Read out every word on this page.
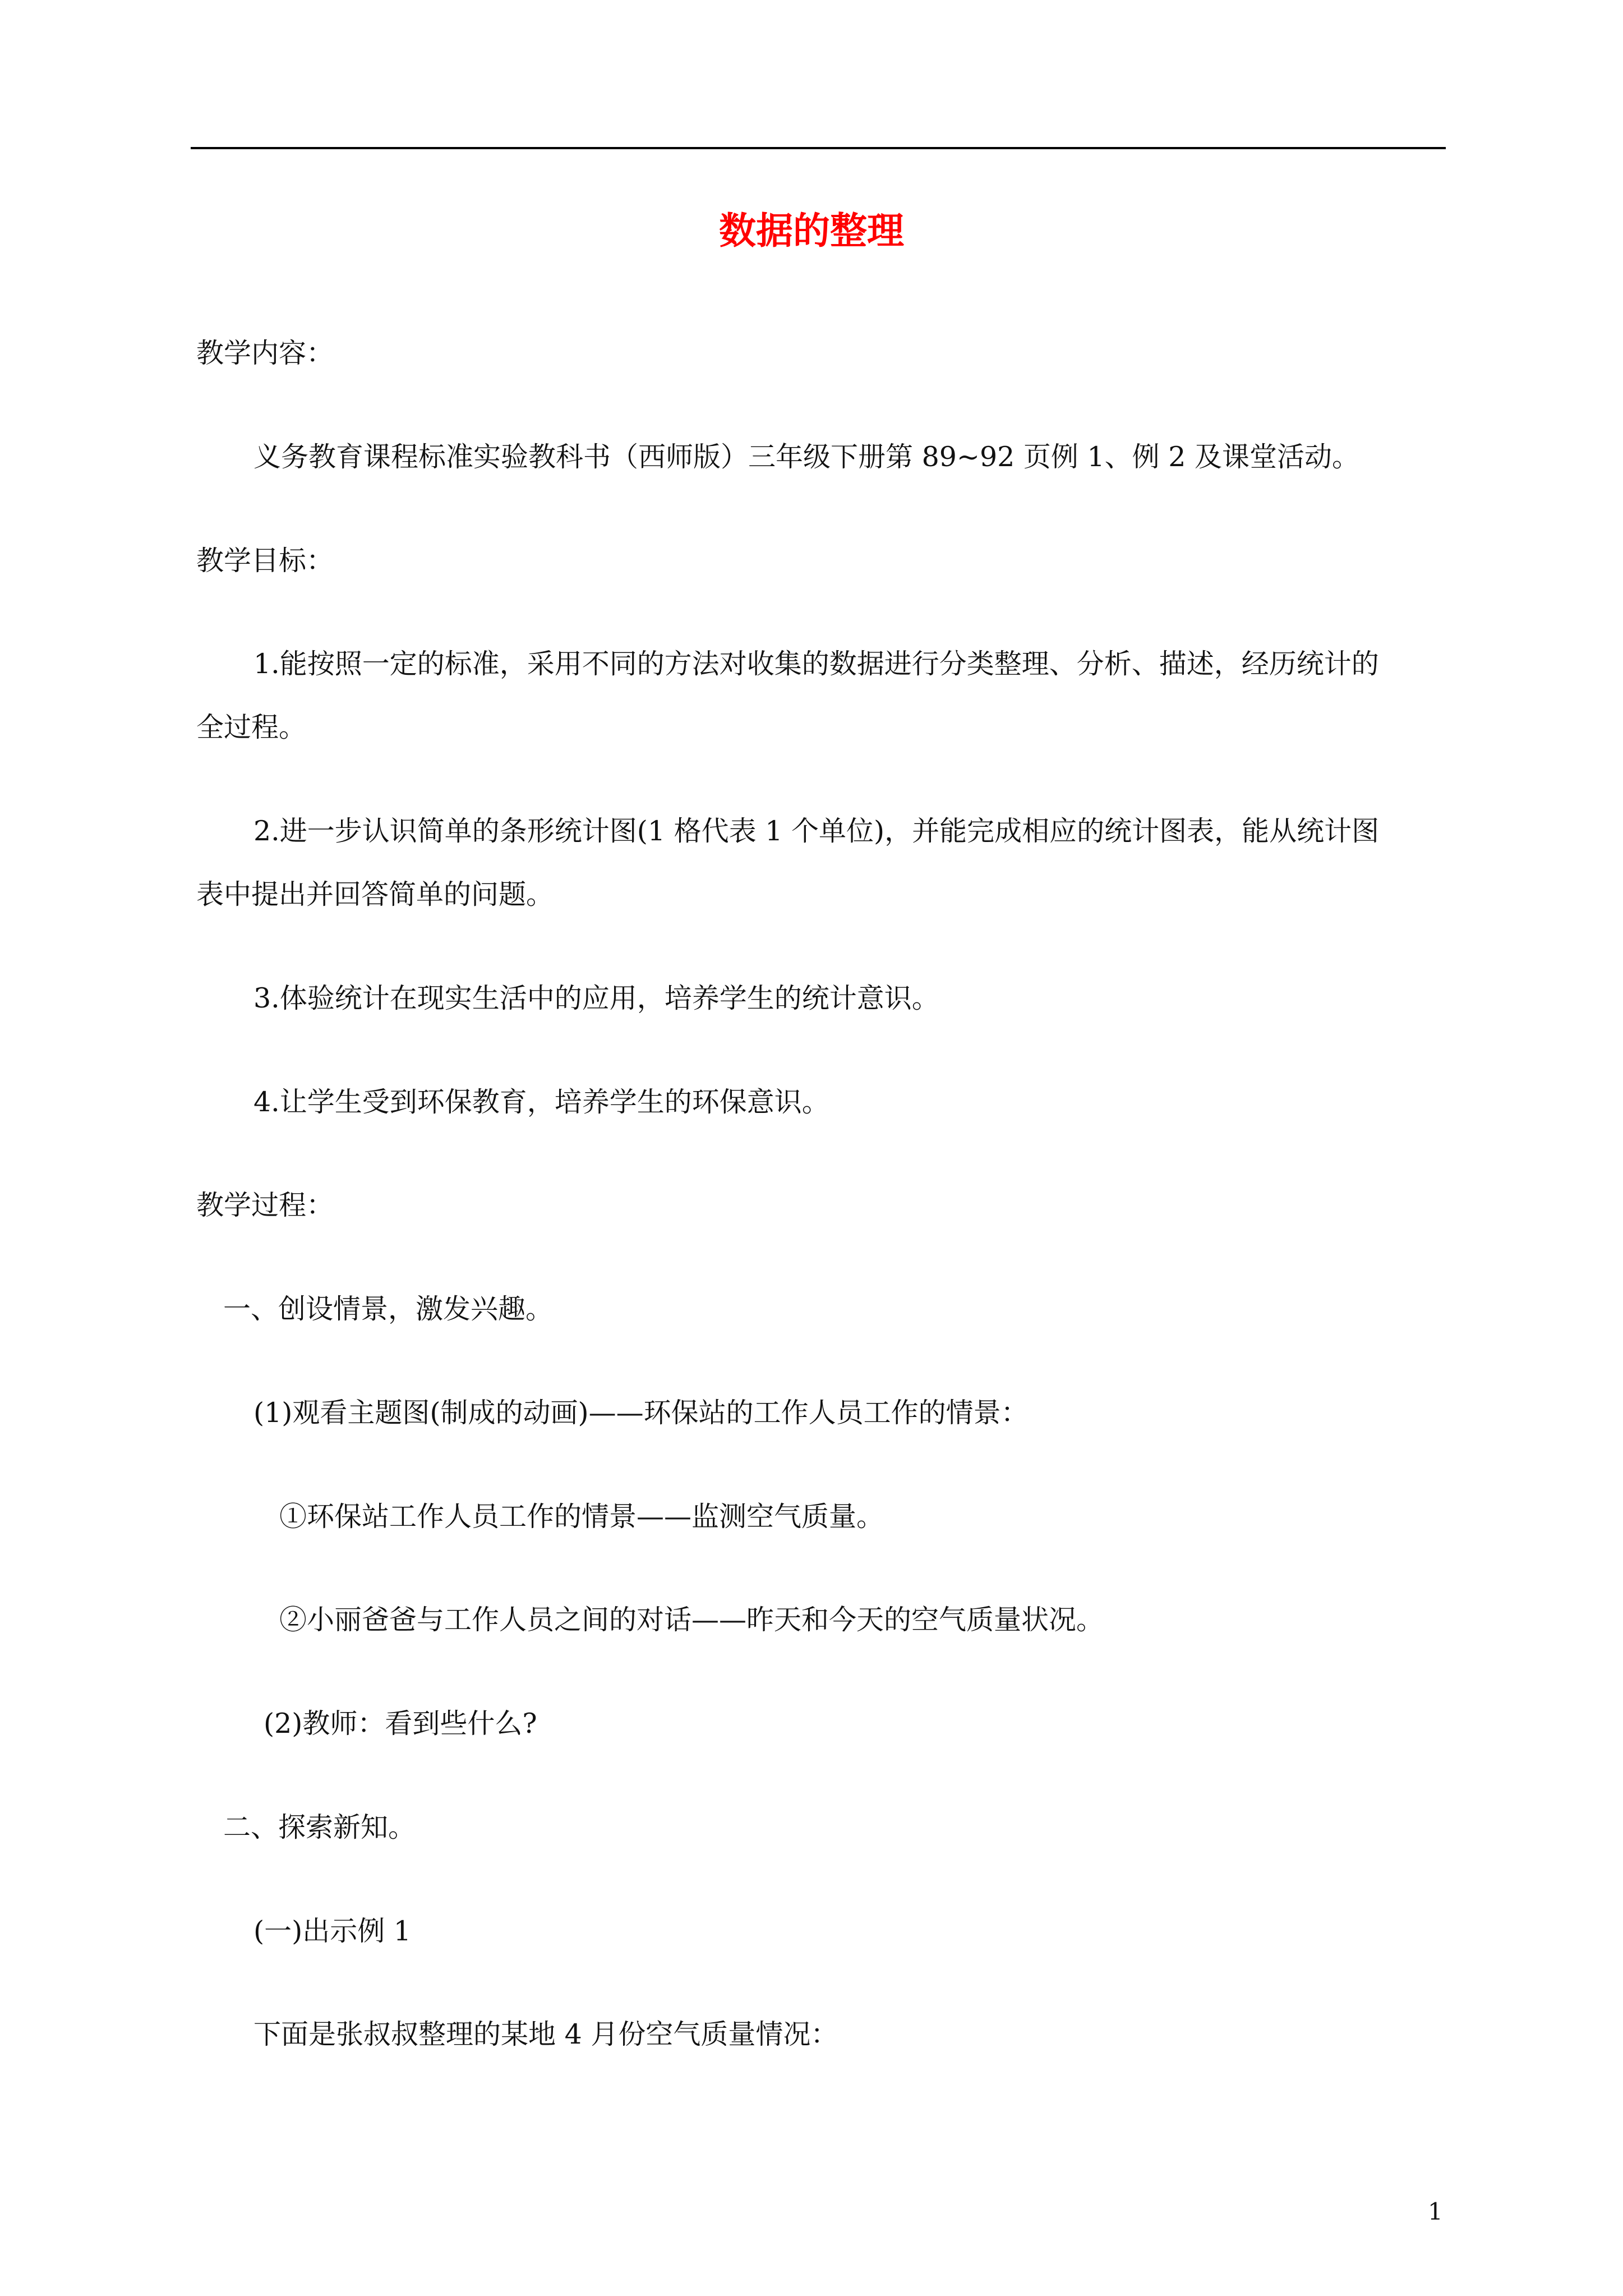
数据的整理
教学内容：
义务教育课程标准实验教科书（西师版）三年级下册第 89~92 页例 1、例 2 及课堂活动。
教学目标：
1.能按照一定的标准，采用不同的方法对收集的数据进行分类整理、分析、描述，经历统计的
全过程。
2.进一步认识简单的条形统计图(1 格代表 1 个单位)，并能完成相应的统计图表，能从统计图
表中提出并回答简单的问题。
3.体验统计在现实生活中的应用，培养学生的统计意识。
4.让学生受到环保教育，培养学生的环保意识。
教学过程：
一、创设情景，激发兴趣。
(1)观看主题图(制成的动画)——环保站的工作人员工作的情景：
①环保站工作人员工作的情景——监测空气质量。
②小丽爸爸与工作人员之间的对话——昨天和今天的空气质量状况。
(2)教师：看到些什么?
二、探索新知。
(一)出示例 1
下面是张叔叔整理的某地 4 月份空气质量情况：
1
